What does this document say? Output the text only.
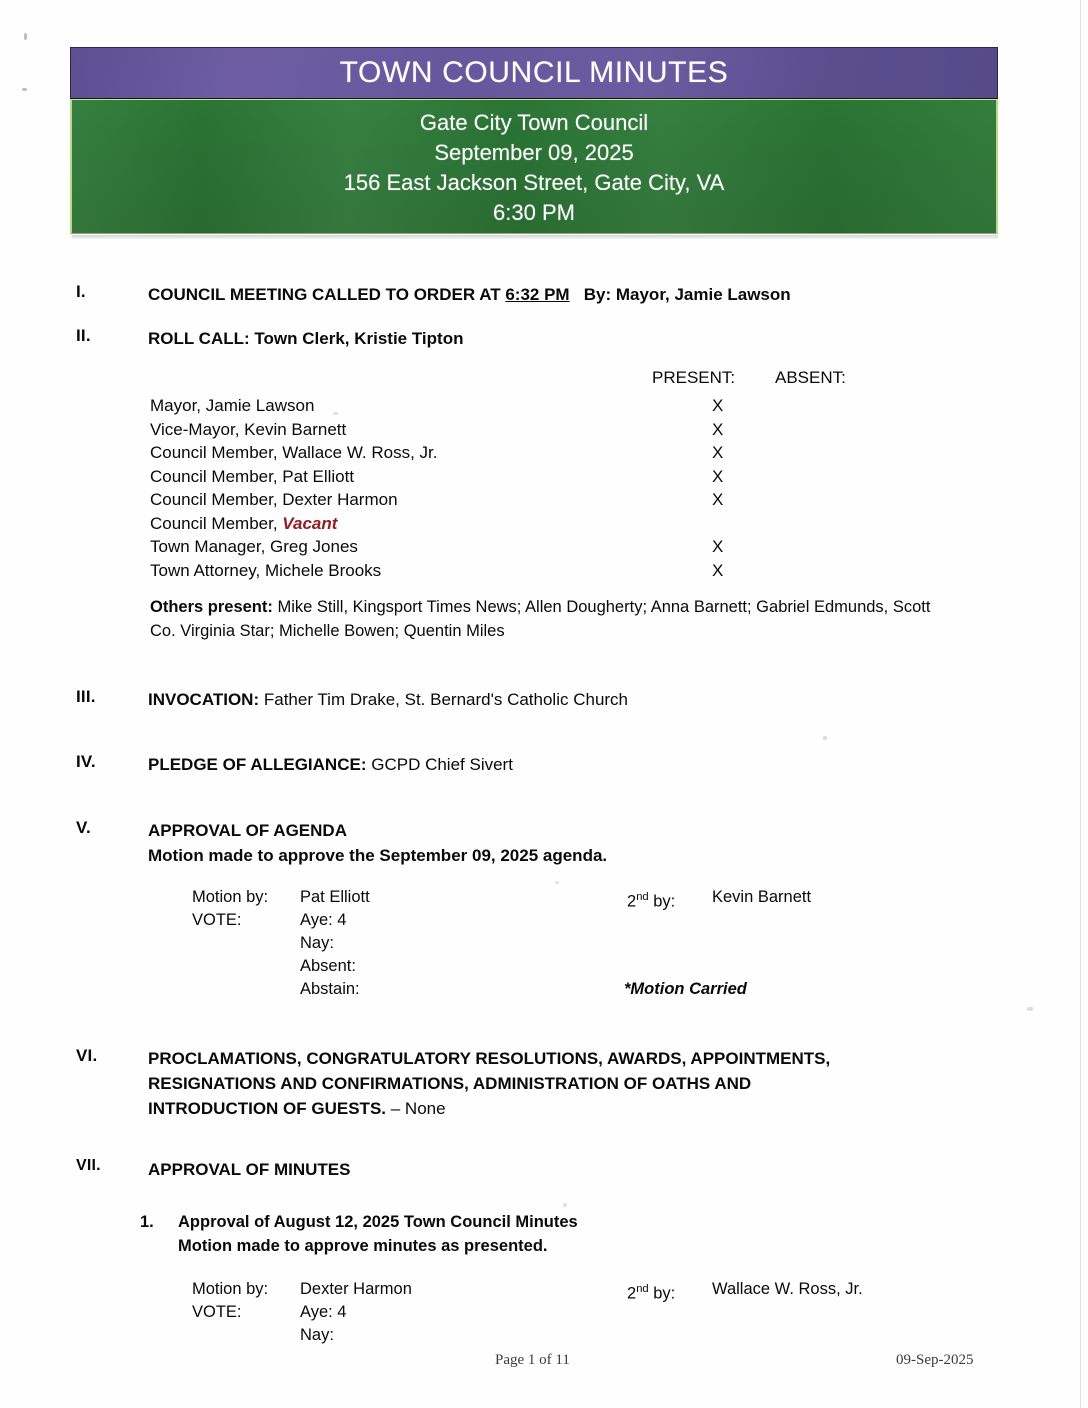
TOWN COUNCIL MINUTES
Gate City Town Council
September 09, 2025
156 East Jackson Street, Gate City, VA
6:30 PM
I.	COUNCIL MEETING CALLED TO ORDER AT 6:32 PM By: Mayor, Jamie Lawson
II.	ROLL CALL: Town Clerk, Kristie Tipton
PRESENT: ABSENT:
Mayor, Jamie Lawson	X
Vice-Mayor, Kevin Barnett	X
Council Member, Wallace W. Ross, Jr.	X
Council Member, Pat Elliott	X
Council Member, Dexter Harmon	X
Council Member, Vacant
Town Manager, Greg Jones	X
Town Attorney, Michele Brooks	X
Others present: Mike Still, Kingsport Times News; Allen Dougherty; Anna Barnett; Gabriel Edmunds, Scott Co. Virginia Star; Michelle Bowen; Quentin Miles
III.	INVOCATION: Father Tim Drake, St. Bernard's Catholic Church
IV.	PLEDGE OF ALLEGIANCE: GCPD Chief Sivert
V.	APPROVAL OF AGENDA
Motion made to approve the September 09, 2025 agenda.
Motion by: Pat Elliott	2nd by: Kevin Barnett
VOTE:	Aye: 4
Nay:
Absent:
Abstain:	*Motion Carried
VI.	PROCLAMATIONS, CONGRATULATORY RESOLUTIONS, AWARDS, APPOINTMENTS,
RESIGNATIONS AND CONFIRMATIONS, ADMINISTRATION OF OATHS AND
INTRODUCTION OF GUESTS. – None
VII.	APPROVAL OF MINUTES
1.	Approval of August 12, 2025 Town Council Minutes
Motion made to approve minutes as presented.
Motion by: Dexter Harmon	2nd by: Wallace W. Ross, Jr.
VOTE:	Aye: 4
Nay:
Page 1 of 11	09-Sep-2025
